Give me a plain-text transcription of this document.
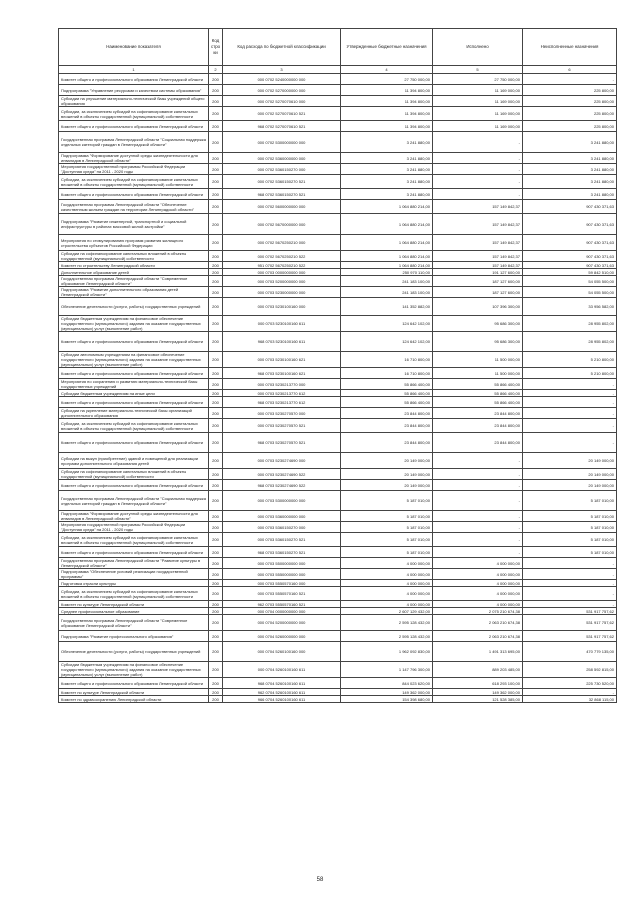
Наименование показателя	Код стро ки	Код расхода по бюджетной классификации	Утвержденные бюджетные назначения	Исполнено	Неисполненные назначения
1	2	3	4	5	6
Комитет общего и профессионального образования Ленинградской области	200	000 0702 5240000000 000	27 750 000,00	27 750 000,00	-
Подпрограмма "Управление ресурсами и качеством системы образования"	200	000 0702 5270000000 000	11 394 800,00	11 169 000,00	225 800,00
Субсидии на улучшение материально-технической базы учреждений общего образования	200	000 0702 5270070610 000	11 394 800,00	11 169 000,00	225 800,00
Субсидии, за исключением субсидий на софинансирование капитальных вложений в объекты государственной (муниципальной) собственности	200	000 0702 5270070610 521	11 394 800,00	11 169 000,00	225 800,00
Комитет общего и профессионального образования Ленинградской области	200	968 0702 5270070610 521	11 394 800,00	11 169 000,00	225 800,00
Государственная программа Ленинградской области "Социальная поддержка отдельных категорий граждан в Ленинградской области"	200	000 0702 5300000000 000	3 241 880,00	-	3 241 880,00
Подпрограмма "Формирование доступной среды жизнедеятельности для инвалидов в Ленинградской области"	200	000 0702 5360000000 000	3 241 880,00	-	3 241 880,00
Мероприятия государственной программы Российской Федерации "Доступная среда" на 2011 - 2020 годы	200	000 0702 5360150270 000	3 241 880,00	-	3 241 880,00
Субсидии, за исключением субсидий на софинансирование капитальных вложений в объекты государственной (муниципальной) собственности	200	000 0702 5360150270 521	3 241 880,00	-	3 241 880,00
Комитет общего и профессионального образования Ленинградской области	200	968 0702 5360150270 521	3 241 880,00	-	3 241 880,00
Государственная программа Ленинградской области "Обеспечение качественным жильем граждан на территории Ленинградской области"	200	000 0702 5600000000 000	1 064 880 214,00	157 149 842,37	907 430 371,63
Подпрограмма "Развитие инженерной, транспортной и социальной инфраструктуры в районах массовой жилой застройки"	200	000 0702 5670000000 000	1 064 880 214,00	157 149 842,37	907 430 371,63
Мероприятия по стимулированию программ развития жилищного строительства субъектов Российской Федерации	200	000 0702 5670250210 000	1 064 880 214,00	157 149 842,37	907 430 371,63
Субсидии на софинансирование капитальных вложений в объекты государственной (муниципальной) собственности	200	000 0702 5670250210 522	1 064 880 214,00	157 149 842,37	907 430 371,63
Комитет по строительству Ленинградской области	200	951 0702 5670250210 522	1 064 880 214,00	157 149 842,37	907 430 371,63
Дополнительное образование детей	200	000 0703 0000000000 000	250 970 110,00	191 127 600,00	59 842 510,00
Государственная программа Ленинградской области "Современное образование Ленинградской области"	200	000 0703 5200000000 000	241 183 100,00	187 127 600,00	54 055 500,00
Подпрограмма "Развитие дополнительного образования детей Ленинградской области"	200	000 0703 5230000000 000	241 183 100,00	187 127 600,00	54 055 500,00
Обеспечение деятельности (услуги, работы) государственных учреждений	200	000 0703 5230100160 000	141 352 882,00	107 396 300,00	33 956 582,00
Субсидии бюджетным учреждениям на финансовое обеспечение государственного (муниципального) задания на оказание государственных (муниципальных) услуг (выполнение работ)	200	000 0703 5230100160 611	124 642 102,00	95 686 300,00	28 955 802,00
Комитет общего и профессионального образования Ленинградской области	200	968 0703 5230100160 611	124 642 102,00	95 686 300,00	28 955 802,00
Субсидии автономным учреждениям на финансовое обеспечение государственного (муниципального) задания на оказание государственных (муниципальных) услуг (выполнение работ)	200	000 0703 5230100160 621	16 710 800,00	11 500 000,00	5 210 800,00
Комитет общего и профессионального образования Ленинградской области	200	968 0703 5230100160 621	16 710 800,00	11 500 000,00	5 210 800,00
Мероприятия по сохранению и развитию материально-технической базы государственных учреждений	200	000 0703 5230213770 000	55 866 400,00	55 866 400,00	-
Субсидии бюджетным учреждениям на иные цели	200	000 0703 5230213770 612	55 866 400,00	55 866 400,00	-
Комитет общего и профессионального образования Ленинградской области	200	968 0703 5230213770 612	55 866 400,00	55 866 400,00	-
Субсидии на укрепление материально-технической базы организаций дополнительного образования	200	000 0703 5230270570 000	23 844 800,00	23 844 800,00	-
Субсидии, за исключением субсидий на софинансирование капитальных вложений в объекты государственной (муниципальной) собственности	200	000 0703 5230270570 521	23 844 800,00	23 844 800,00	-
Комитет общего и профессионального образования Ленинградской области	200	968 0703 5230270570 521	23 844 800,00	23 844 800,00	-
Субсидии на выкуп (приобретение) зданий и помещений для реализации программ дополнительного образования детей	200	000 0703 5230274690 000	20 149 000,00	-	20 149 000,00
Субсидии на софинансирование капитальных вложений в объекты государственной (муниципальной) собственности	200	000 0703 5230274690 522	20 149 000,00	-	20 149 000,00
Комитет общего и профессионального образования Ленинградской области	200	968 0703 5230274690 522	20 149 000,00	-	20 149 000,00
Государственная программа Ленинградской области "Социальная поддержка отдельных категорий граждан в Ленинградской области"	200	000 0703 5300000000 000	5 187 010,00	-	5 187 010,00
Подпрограмма "Формирование доступной среды жизнедеятельности для инвалидов в Ленинградской области"	200	000 0703 5360000000 000	5 187 010,00	-	5 187 010,00
Мероприятия государственной программы Российской Федерации "Доступная среда" на 2011 - 2020 годы	200	000 0703 5360150270 000	5 187 010,00	-	5 187 010,00
Субсидии, за исключением субсидий на софинансирование капитальных вложений в объекты государственной (муниципальной) собственности	200	000 0703 5360150270 521	5 187 010,00	-	5 187 010,00
Комитет общего и профессионального образования Ленинградской области	200	968 0703 5360150270 521	5 187 010,00	-	5 187 010,00
Государственная программа Ленинградской области "Развитие культуры в Ленинградской области"	200	000 0703 5500000000 000	4 000 000,00	4 000 000,00	-
Подпрограмма "Обеспечение условий реализации государственной программы"	200	000 0703 5550000000 000	4 000 000,00	4 000 000,00	-
Подготовка отрасли культуры	200	000 0703 5550570160 000	4 000 000,00	4 000 000,00	-
Субсидии, за исключением субсидий на софинансирование капитальных вложений в объекты государственной (муниципальной) собственности	200	000 0703 5550570160 521	4 000 000,00	4 000 000,00	-
Комитет по культуре Ленинградской области	200	962 0703 5550570160 521	4 000 000,00	4 000 000,00	-
Среднее профессиональное образование	200	000 0704 0000000000 000	2 607 129 432,00	2 075 210 674,38	531 917 757,62
Государственная программа Ленинградской области "Современное образование Ленинградской области"	200	000 0704 5200000000 000	2 595 128 432,00	2 063 210 674,38	531 917 757,62
Подпрограмма "Развитие профессионального образования"	200	000 0704 5260000000 000	2 595 128 432,00	2 063 210 674,38	531 917 757,62
Обеспечение деятельности (услуги, работы) государственных учреждений	200	000 0704 5260100160 000	1 962 092 830,00	1 491 313 695,00	470 779 135,00
Субсидии бюджетным учреждениям на финансовое обеспечение государственного (муниципального) задания на оказание государственных (муниципальных) услуг (выполнение работ)	200	000 0704 5260100160 611	1 147 796 300,00	889 203 485,00	258 592 815,00
Комитет общего и профессионального образования Ленинградской области	200	968 0704 5260100160 611	844 023 620,00	618 293 100,00	225 730 520,00
Комитет по культуре Ленинградской области	200	962 0704 5260100160 611	149 362 000,00	149 362 000,00	-
Комитет по здравоохранению Ленинградской области	200	966 0704 5260100160 611	154 398 680,00	121 528 385,00	32 868 115,00
58
